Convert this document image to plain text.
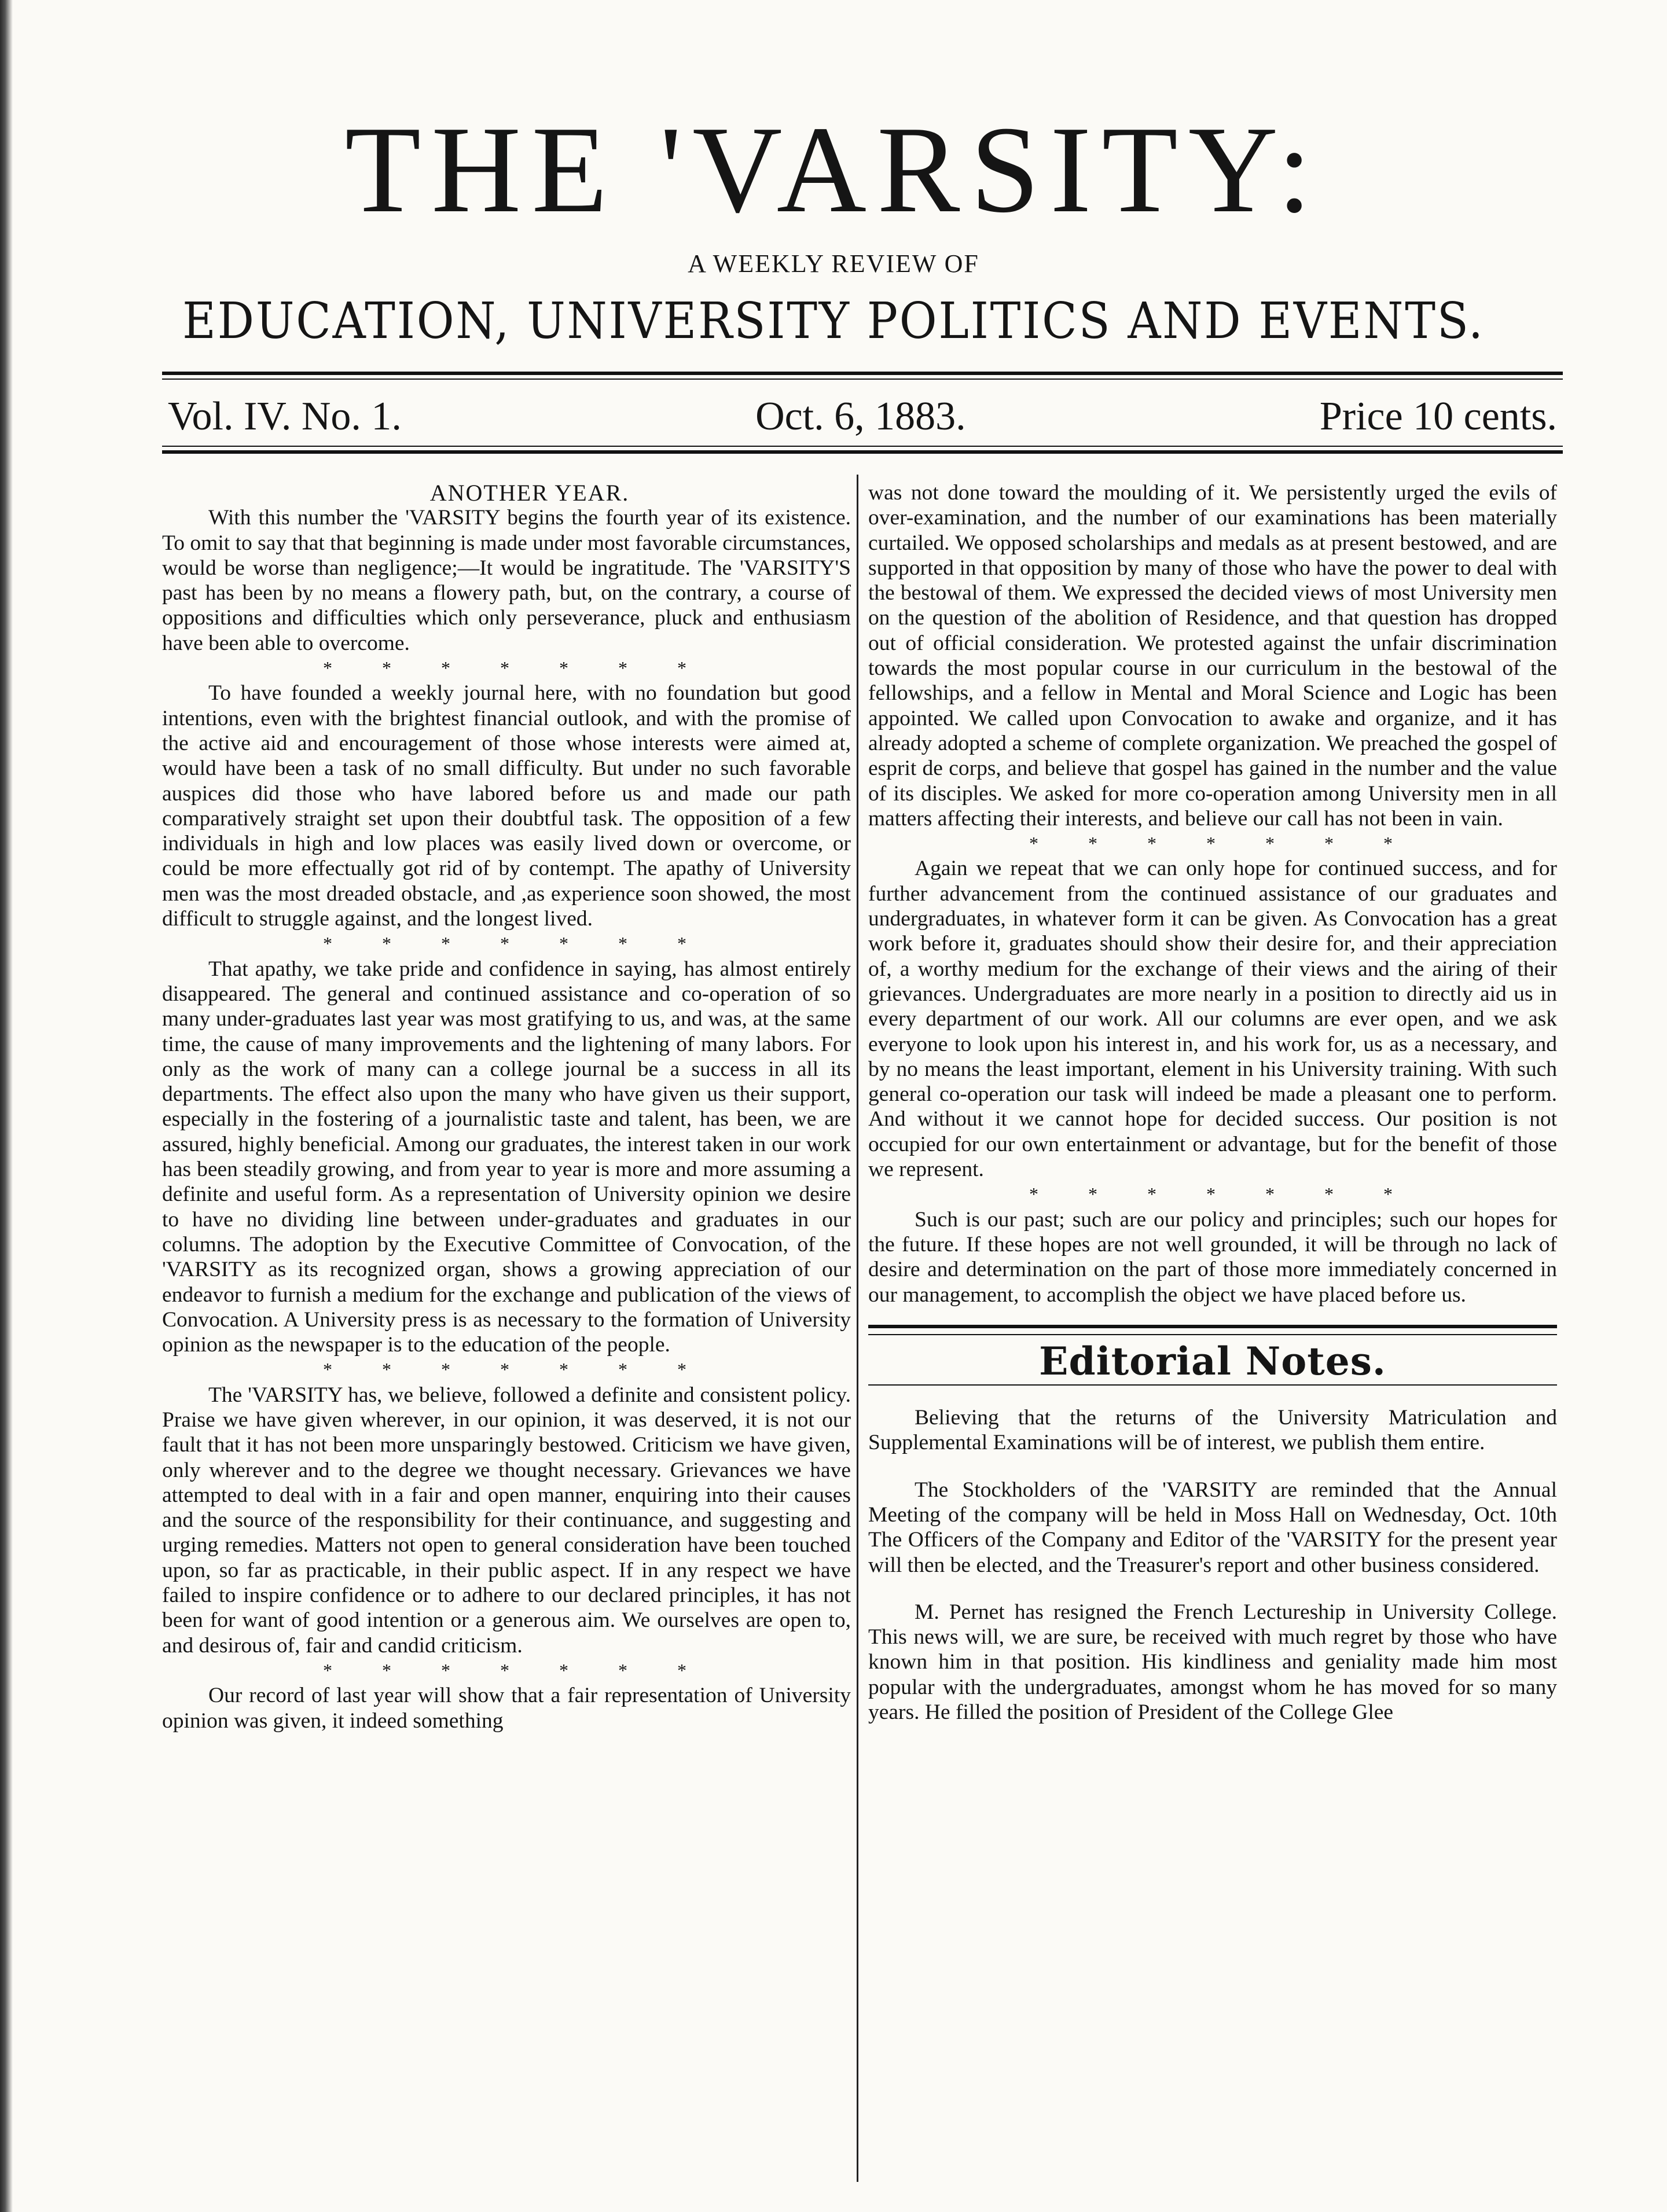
THE 'VARSITY:
A WEEKLY REVIEW OF
EDUCATION, UNIVERSITY POLITICS AND EVENTS.
Vol. IV. No. 1.	Oct. 6, 1883.	Price 10 cents.

ANOTHER YEAR.

With this number the 'VARSITY begins the fourth year of its existence. To omit to say that that beginning is made under most favorable circumstances, would be worse than negligence;—It would be ingratitude. The 'VARSITY'S past has been by no means a flowery path, but, on the contrary, a course of oppositions and difficulties which only perseverance, pluck and enthusiasm have been able to overcome.

*******

To have founded a weekly journal here, with no foundation but good intentions, even with the brightest financial outlook, and with the promise of the active aid and encouragement of those whose interests were aimed at, would have been a task of no small difficulty. But under no such favorable auspices did those who have labored before us and made our path comparatively straight set upon their doubtful task. The opposition of a few individuals in high and low places was easily lived down or overcome, or could be more effectually got rid of by contempt. The apathy of University men was the most dreaded obstacle, and ,as experience soon showed, the most difficult to struggle against, and the longest lived.

*******

That apathy, we take pride and confidence in saying, has almost entirely disappeared. The general and continued assistance and co-operation of so many under-graduates last year was most gratifying to us, and was, at the same time, the cause of many improvements and the lightening of many labors. For only as the work of many can a college journal be a success in all its departments. The effect also upon the many who have given us their support, especially in the fostering of a journalistic taste and talent, has been, we are assured, highly beneficial. Among our graduates, the interest taken in our work has been steadily growing, and from year to year is more and more assuming a definite and useful form. As a representation of University opinion we desire to have no dividing line between under-graduates and graduates in our columns. The adoption by the Executive Committee of Convocation, of the 'VARSITY as its recognized organ, shows a growing appreciation of our endeavor to furnish a medium for the exchange and publication of the views of Convocation. A University press is as necessary to the formation of University opinion as the newspaper is to the education of the people.

*******

The 'VARSITY has, we believe, followed a definite and consistent policy. Praise we have given wherever, in our opinion, it was deserved, it is not our fault that it has not been more unsparingly bestowed. Criticism we have given, only wherever and to the degree we thought necessary. Grievances we have attempted to deal with in a fair and open manner, enquiring into their causes and the source of the responsibility for their continuance, and suggesting and urging remedies. Matters not open to general consideration have been touched upon, so far as practicable, in their public aspect. If in any respect we have failed to inspire confidence or to adhere to our declared principles, it has not been for want of good intention or a generous aim. We ourselves are open to, and desirous of, fair and candid criticism.

*******

Our record of last year will show that a fair representation of University opinion was given, it indeed something

was not done toward the moulding of it. We persistently urged the evils of over-examination, and the number of our examinations has been materially curtailed. We opposed scholarships and medals as at present bestowed, and are supported in that opposition by many of those who have the power to deal with the bestowal of them. We expressed the decided views of most University men on the question of the abolition of Residence, and that question has dropped out of official consideration. We protested against the unfair discrimination towards the most popular course in our curriculum in the bestowal of the fellowships, and a fellow in Mental and Moral Science and Logic has been appointed. We called upon Convocation to awake and organize, and it has already adopted a scheme of complete organization. We preached the gospel of esprit de corps, and believe that gospel has gained in the number and the value of its disciples. We asked for more co-operation among University men in all matters affecting their interests, and believe our call has not been in vain.

*******

Again we repeat that we can only hope for continued success, and for further advancement from the continued assistance of our graduates and undergraduates, in whatever form it can be given. As Convocation has a great work before it, graduates should show their desire for, and their appreciation of, a worthy medium for the exchange of their views and the airing of their grievances. Undergraduates are more nearly in a position to directly aid us in every department of our work. All our columns are ever open, and we ask everyone to look upon his interest in, and his work for, us as a necessary, and by no means the least important, element in his University training. With such general co-operation our task will indeed be made a pleasant one to perform. And without it we cannot hope for decided success. Our position is not occupied for our own entertainment or advantage, but for the benefit of those we represent.

*******

Such is our past; such are our policy and principles; such our hopes for the future. If these hopes are not well grounded, it will be through no lack of desire and determination on the part of those more immediately concerned in our management, to accomplish the object we have placed before us.

Editorial Notes.

Believing that the returns of the University Matriculation and Supplemental Examinations will be of interest, we publish them entire.

The Stockholders of the 'VARSITY are reminded that the Annual Meeting of the company will be held in Moss Hall on Wednesday, Oct. 10th The Officers of the Company and Editor of the 'VARSITY for the present year will then be elected, and the Treasurer's report and other business considered.

M. Pernet has resigned the French Lectureship in University College. This news will, we are sure, be received with much regret by those who have known him in that position. His kindliness and geniality made him most popular with the undergraduates, amongst whom he has moved for so many years. He filled the position of President of the College Glee
